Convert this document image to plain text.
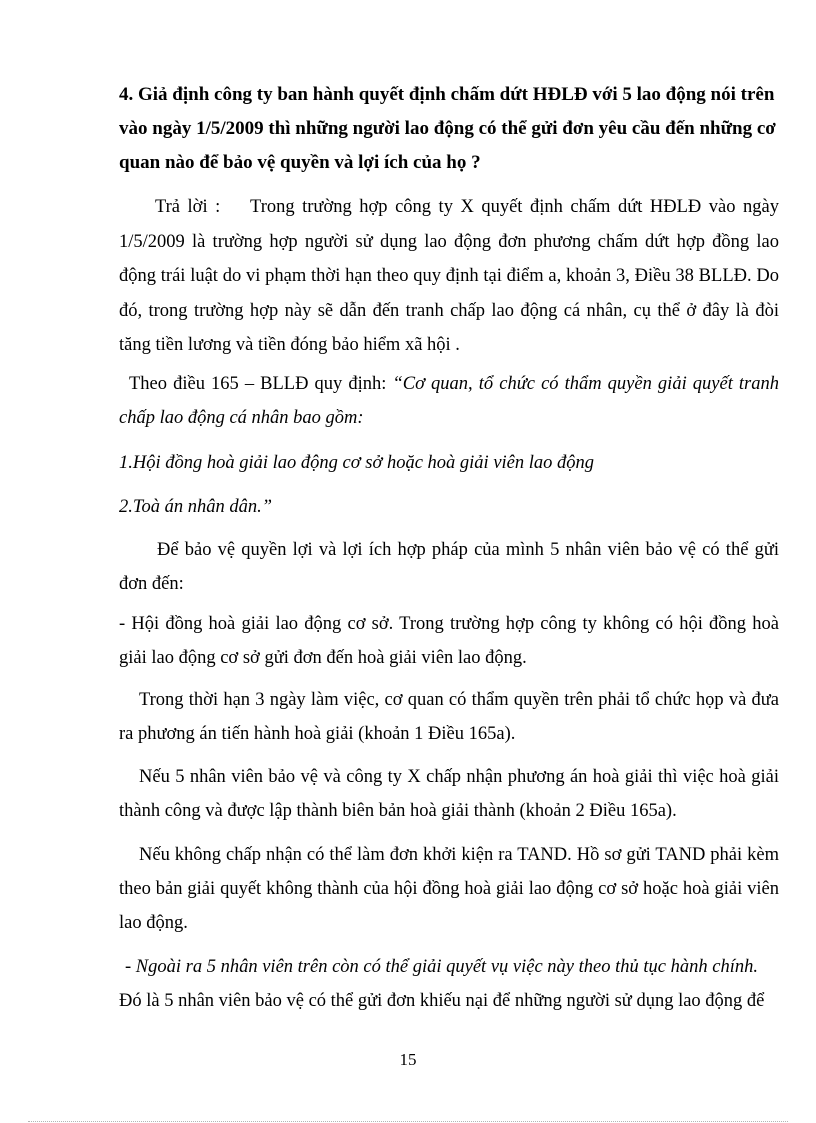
4. Giả định công ty ban hành quyết định chấm dứt HĐLĐ với 5 lao động nói trên vào ngày 1/5/2009 thì những người lao động có thể gửi đơn yêu cầu đến những cơ quan nào để bảo vệ quyền và lợi ích của họ ?
Trả lời : Trong trường hợp công ty X quyết định chấm dứt HĐLĐ vào ngày 1/5/2009 là trường hợp người sử dụng lao động đơn phương chấm dứt hợp đồng lao động trái luật do vi phạm thời hạn theo quy định tại điểm a, khoản 3, Điều 38 BLLĐ. Do đó, trong trường hợp này sẽ dẫn đến tranh chấp lao động cá nhân, cụ thể ở đây là đòi tăng tiền lương và tiền đóng bảo hiểm xã hội .

Theo điều 165 – BLLĐ quy định: “Cơ quan, tổ chức có thẩm quyền giải quyết tranh chấp lao động cá nhân bao gồm:

1.Hội đồng hoà giải lao động cơ sở hoặc hoà giải viên lao động

2.Toà án nhân dân.”

Để bảo vệ quyền lợi và lợi ích hợp pháp của mình 5 nhân viên bảo vệ có thể gửi đơn đến:

- Hội đồng hoà giải lao động cơ sở. Trong trường hợp công ty không có hội đồng hoà giải lao động cơ sở gửi đơn đến hoà giải viên lao động.

Trong thời hạn 3 ngày làm việc, cơ quan có thẩm quyền trên phải tổ chức họp và đưa ra phương án tiến hành hoà giải (khoản 1 Điều 165a).

Nếu 5 nhân viên bảo vệ và công ty X chấp nhận phương án hoà giải thì việc hoà giải thành công và được lập thành biên bản hoà giải thành (khoản 2 Điều 165a).

Nếu không chấp nhận có thể làm đơn khởi kiện ra TAND. Hồ sơ gửi TAND phải kèm theo bản giải quyết không thành của hội đồng hoà giải lao động cơ sở hoặc hoà giải viên lao động.

- Ngoài ra 5 nhân viên trên còn có thể giải quyết vụ việc này theo thủ tục hành chính.

Đó là 5 nhân viên bảo vệ có thể gửi đơn khiếu nại để những người sử dụng lao động để

15
